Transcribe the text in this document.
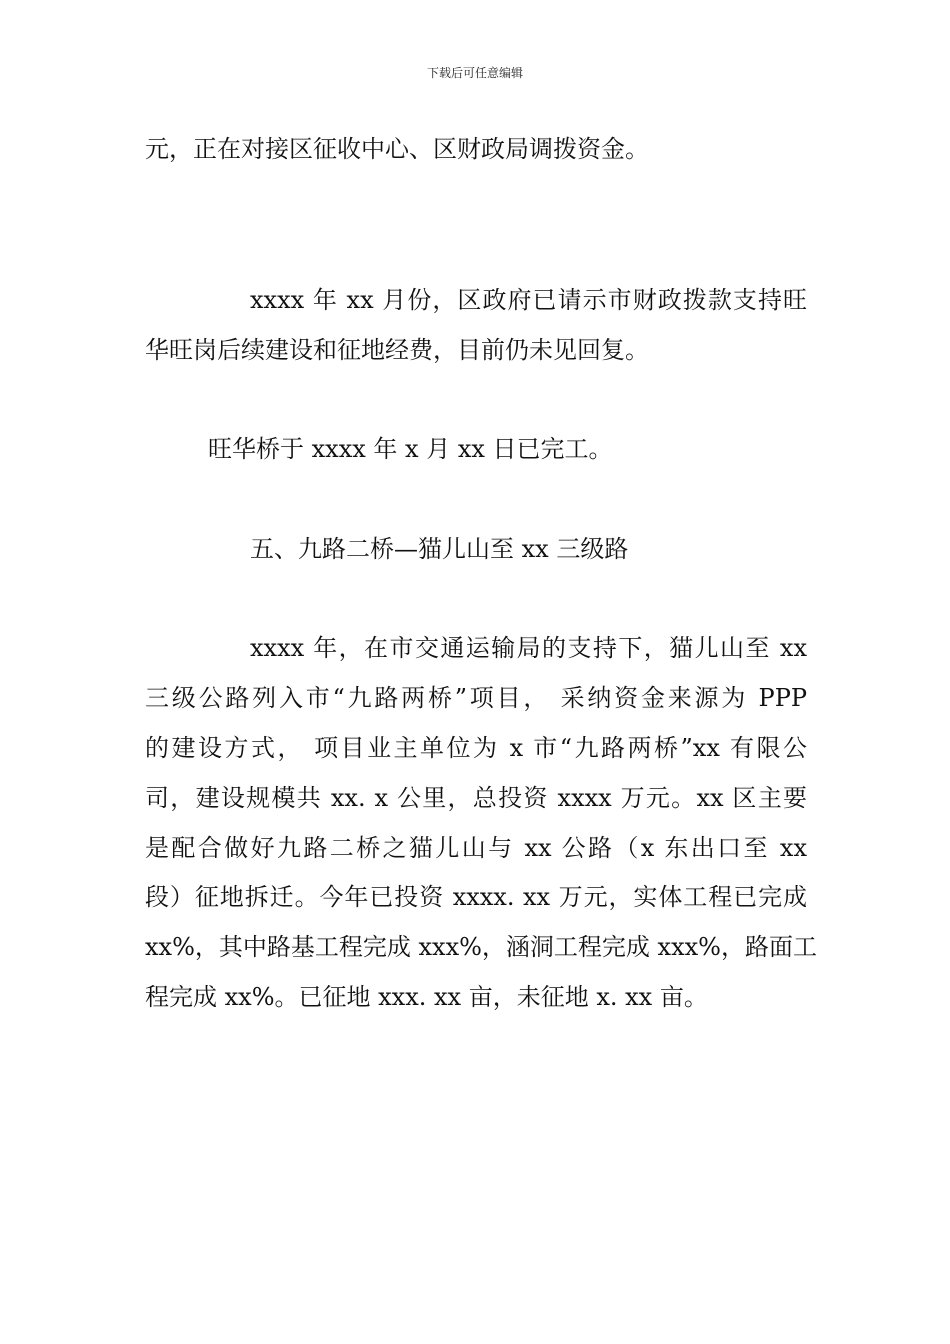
下载后可任意编辑
元，正在对接区征收中心、区财政局调拨资金。
xxxx 年 xx 月份，区政府已请示市财政拨款支持旺
华旺岗后续建设和征地经费，目前仍未见回复。
旺华桥于 xxxx 年 x 月 xx 日已完工。
五、九路二桥—猫儿山至 xx 三级路
xxxx 年，在市交通运输局的支持下，猫儿山至 xx
三级公路列入市“九路两桥”项目， 采纳资金来源为 PPP
的建设方式， 项目业主单位为 x 市“九路两桥”xx 有限公
司，建设规模共 xx. x 公里，总投资 xxxx 万元。xx 区主要
是配合做好九路二桥之猫儿山与 xx 公路（x 东出口至 xx
段）征地拆迁。今年已投资 xxxx. xx 万元，实体工程已完成
xx%，其中路基工程完成 xxx%，涵洞工程完成 xxx%，路面工
程完成 xx%。已征地 xxx. xx 亩，未征地 x. xx 亩。
